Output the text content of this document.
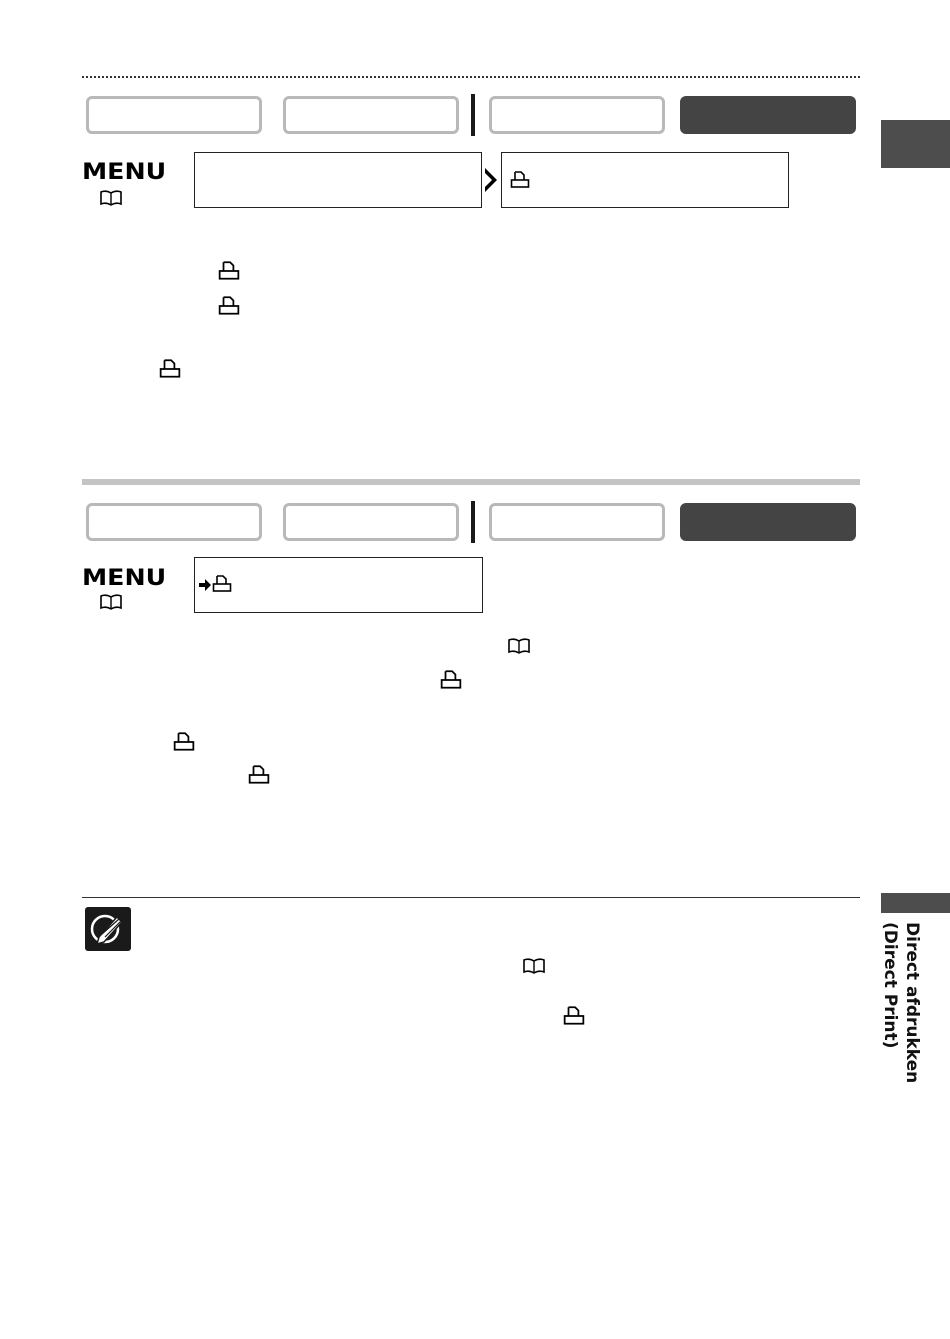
MENU
MENU
Direct afdrukken
(Direct Print)
